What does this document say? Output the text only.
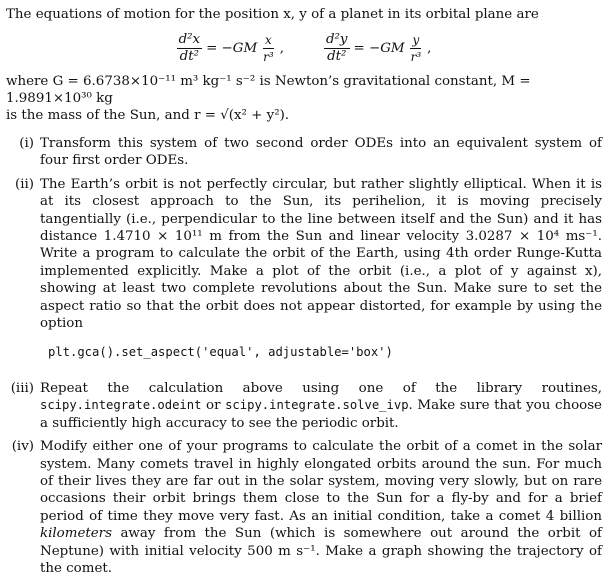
The equations of motion for the position x, y of a planet in its orbital plane are

$\frac{\text{d²x}}{\text{dt²}} = -GM \frac{x}{\text{r³}}$ ,	$\frac{\text{d²y}}{\text{dt²}} = -GM \frac{y}{\text{r³}}$ ,

where G = 6.6738×10⁻¹¹ m³ kg⁻¹ s⁻² is Newton’s gravitational constant, M = 1.9891×10³⁰ kg

is the mass of the Sun, and r = √(x² + y²).

(i) Transform this system of two second order ODEs into an equivalent system of four first order ODEs.

(ii) The Earth’s orbit is not perfectly circular, but rather slightly elliptical. When it is at its closest approach to the Sun, its perihelion, it is moving precisely tangentially (i.e., perpendicular to the line between itself and the Sun) and it has distance 1.4710 × 10¹¹ m from the Sun and linear velocity 3.0287 × 10⁴ ms⁻¹. Write a program to calculate the orbit of the Earth, using 4th order Runge-Kutta implemented explicitly. Make a plot of the orbit (i.e., a plot of y against x), showing at least two complete revolutions about the Sun. Make sure to set the aspect ratio so that the orbit does not appear distorted, for example by using the option

plt.gca().set_aspect('equal', adjustable='box')
(iii) Repeat the calculation above using one of the library routines, scipy.integrate.odeint or scipy.integrate.solve_ivp. Make sure that you choose a sufficiently high accuracy to see the periodic orbit.

(iv) Modify either one of your programs to calculate the orbit of a comet in the solar system. Many comets travel in highly elongated orbits around the sun. For much of their lives they are far out in the solar system, moving very slowly, but on rare occasions their orbit brings them close to the Sun for a fly-by and for a brief period of time they move very fast. As an initial condition, take a comet 4 billion kilometers away from the Sun (which is somewhere out around the orbit of Neptune) with initial velocity 500 m s⁻¹. Make a graph showing the trajectory of the comet.
